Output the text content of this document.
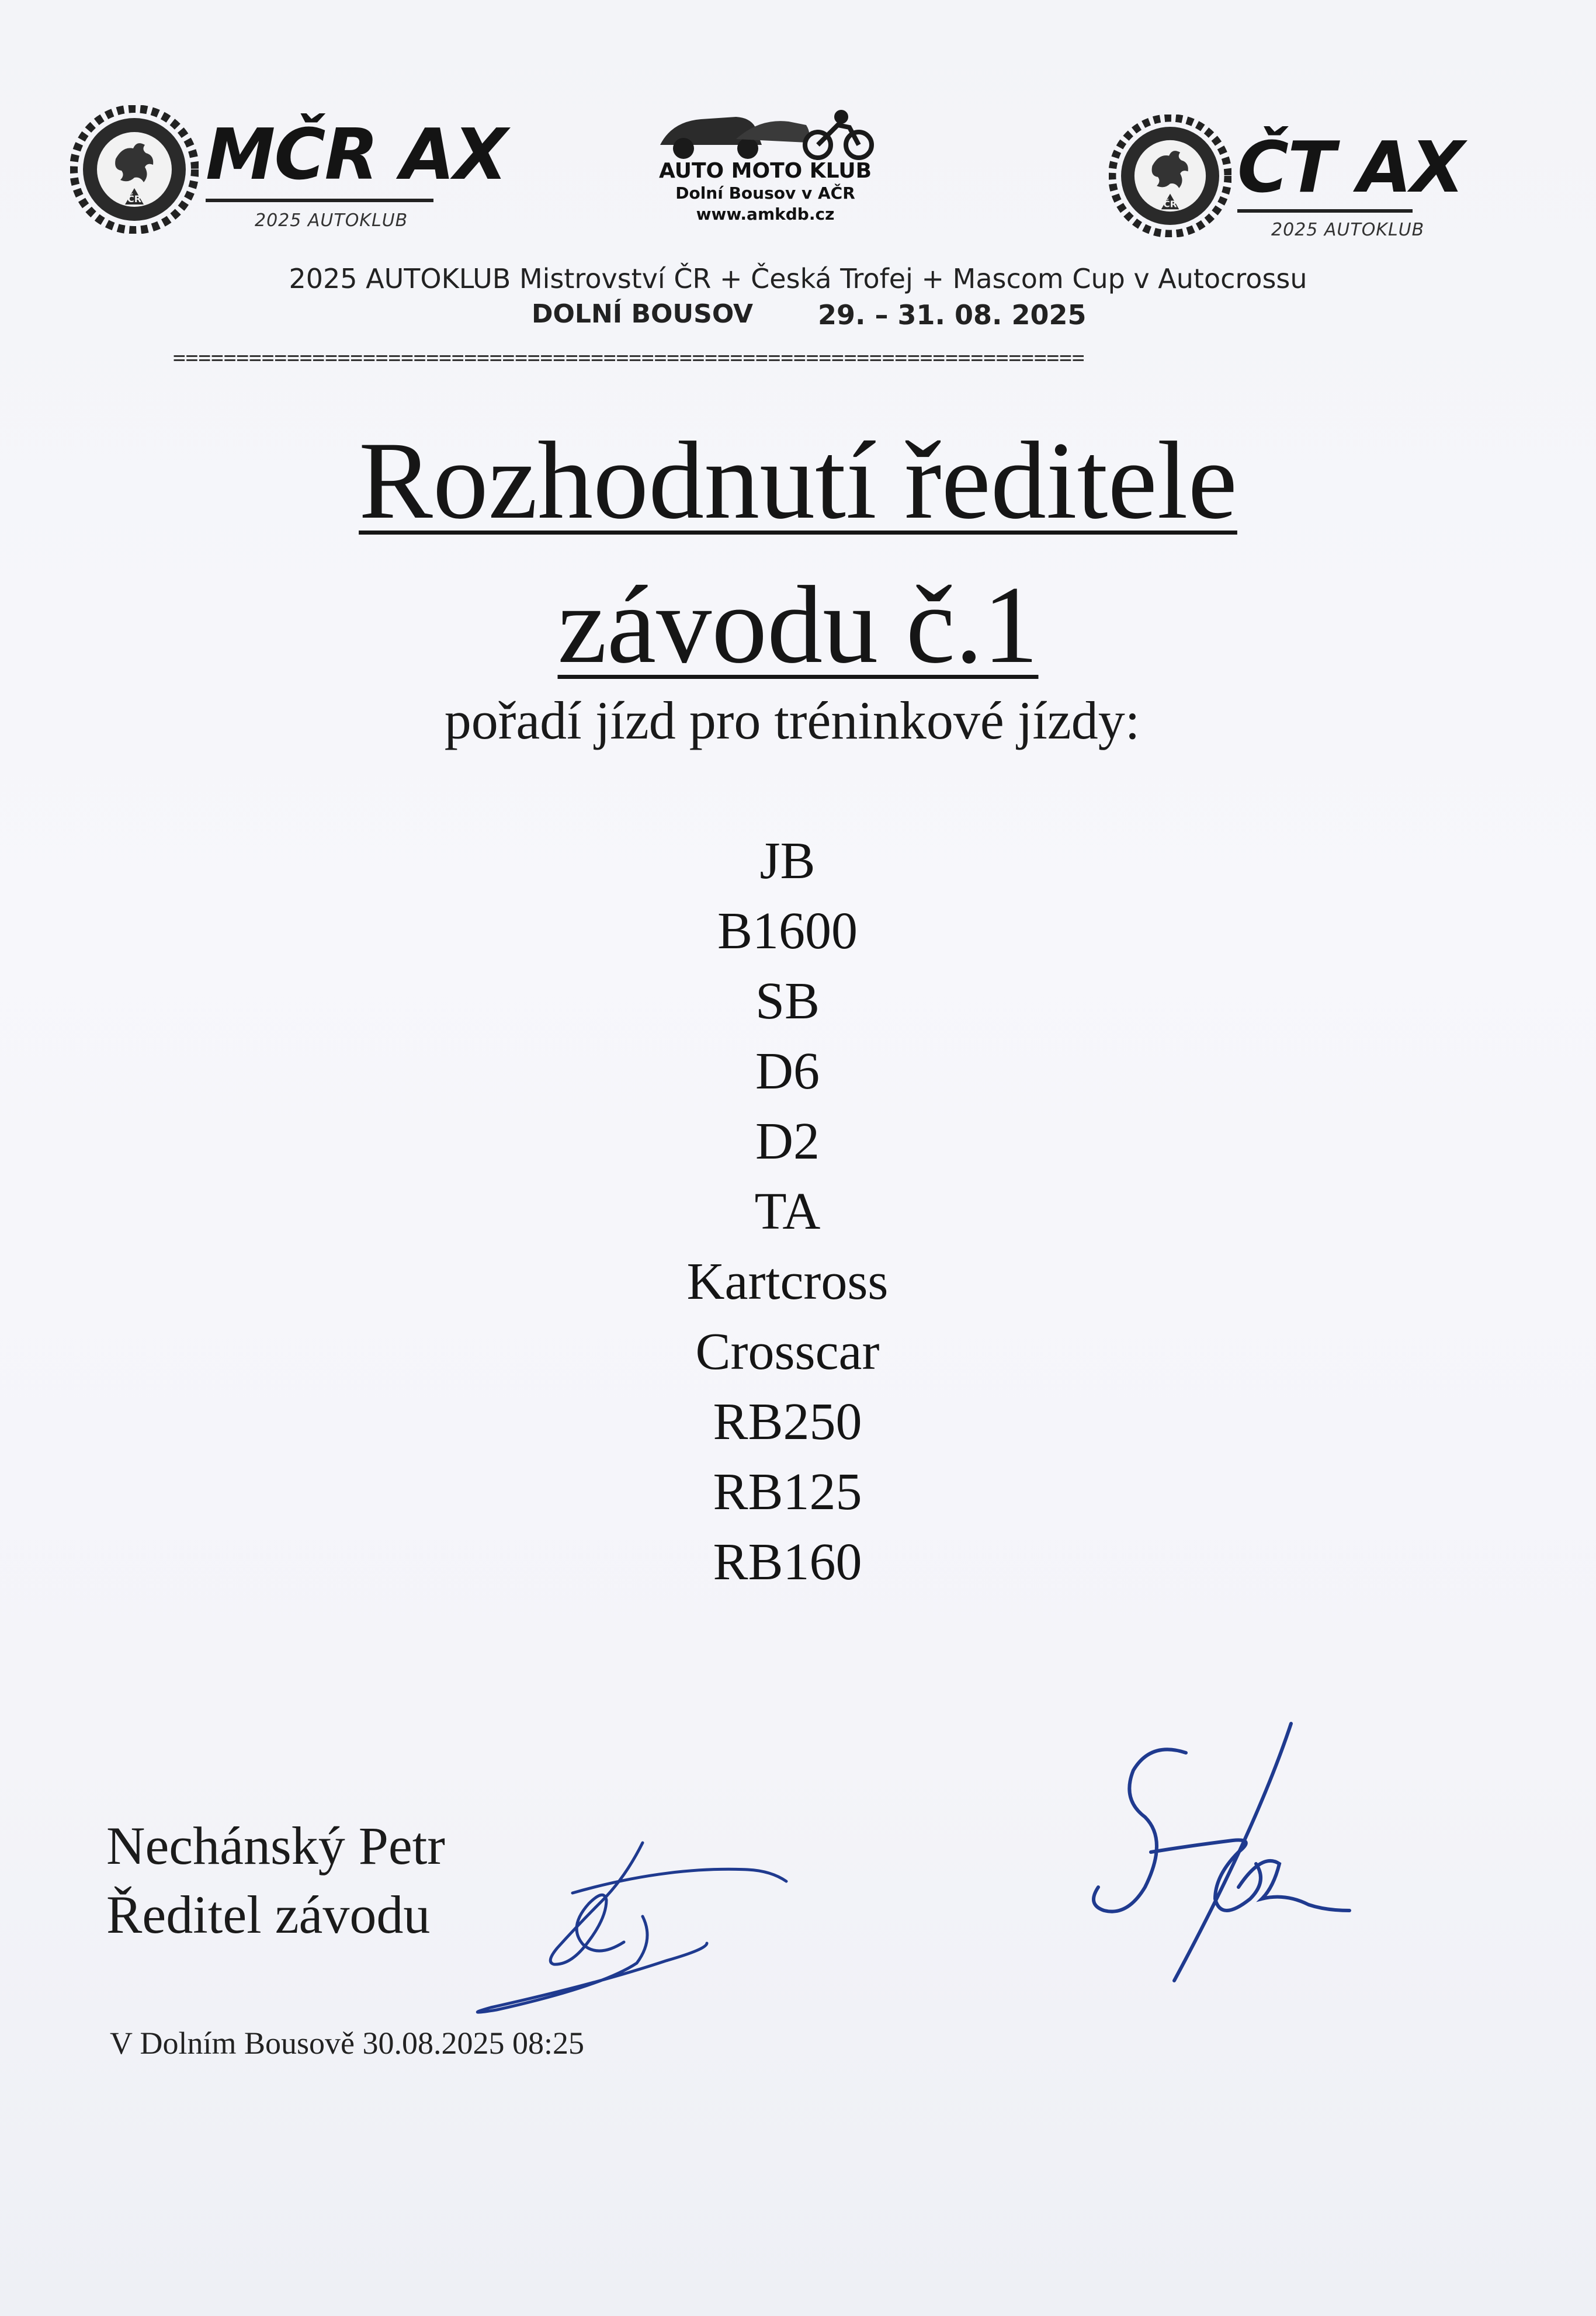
ČR
MČR AX
2025 AUTOKLUB
AUTO MOTO KLUB
Dolní Bousov v AČR
www.amkdb.cz
ČR ČT AX
2025 AUTOKLUB
2025 AUTOKLUB Mistrovství ČR + Česká Trofej + Mascom Cup v Autocrossu
DOLNÍ BOUSOV 29. – 31. 08. 2025
========================================================================
Rozhodnutí ředitele
závodu č.1
pořadí jízd pro tréninkové jízdy:
JB
B1600
SB
D6
D2
TA
Kartcross
Crosscar
RB250
RB125
RB160
Nechánský Petr
Ředitel závodu
V Dolním Bousově 30.08.2025 08:25
